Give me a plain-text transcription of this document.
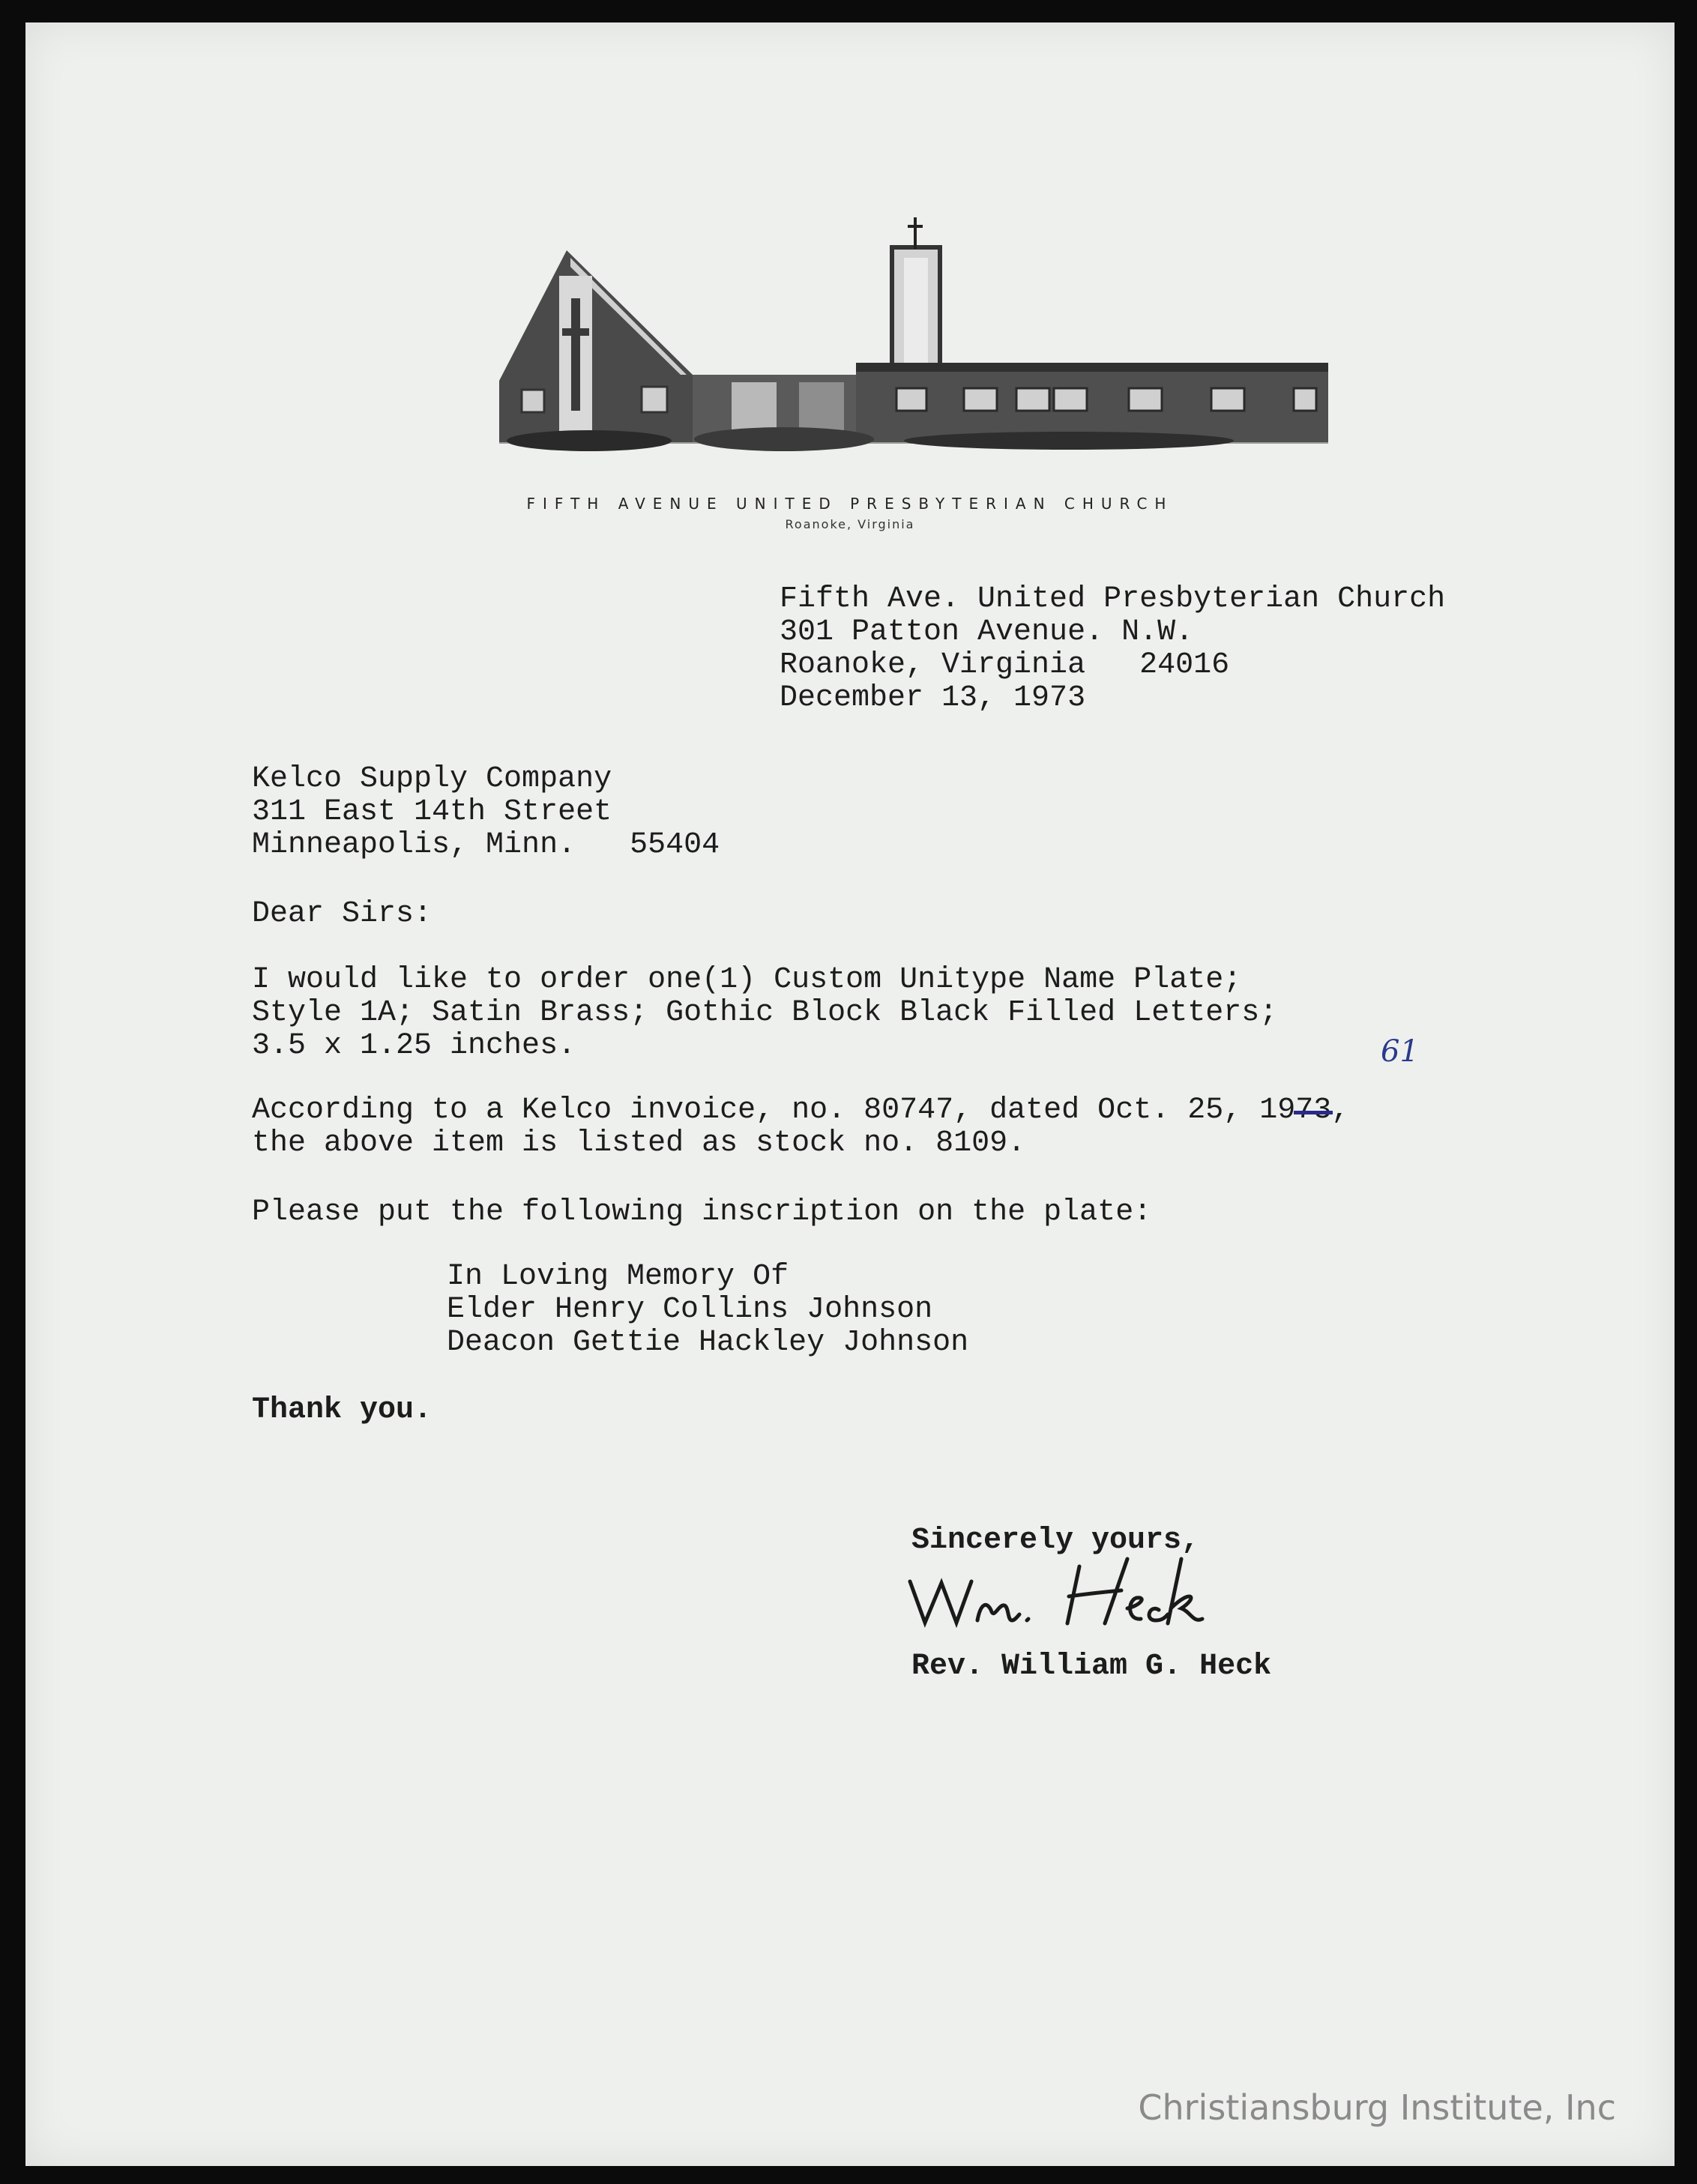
FIFTH AVENUE UNITED PRESBYTERIAN CHURCH
Roanoke, Virginia
Fifth Ave. United Presbyterian Church
301 Patton Avenue. N.W.
Roanoke, Virginia   24016
December 13, 1973
Kelco Supply Company
311 East 14th Street
Minneapolis, Minn.   55404
Dear Sirs:
I would like to order one(1) Custom Unitype Name Plate;
Style 1A; Satin Brass; Gothic Block Black Filled Letters;
3.5 x 1.25 inches.	61
According to a Kelco invoice, no. 80747, dated Oct. 25, 1973,
the above item is listed as stock no. 8109.
Please put the following inscription on the plate:
In Loving Memory Of
Elder Henry Collins Johnson
Deacon Gettie Hackley Johnson
Thank you.
Sincerely yours,
Rev. William G. Heck
Christiansburg Institute, Inc
